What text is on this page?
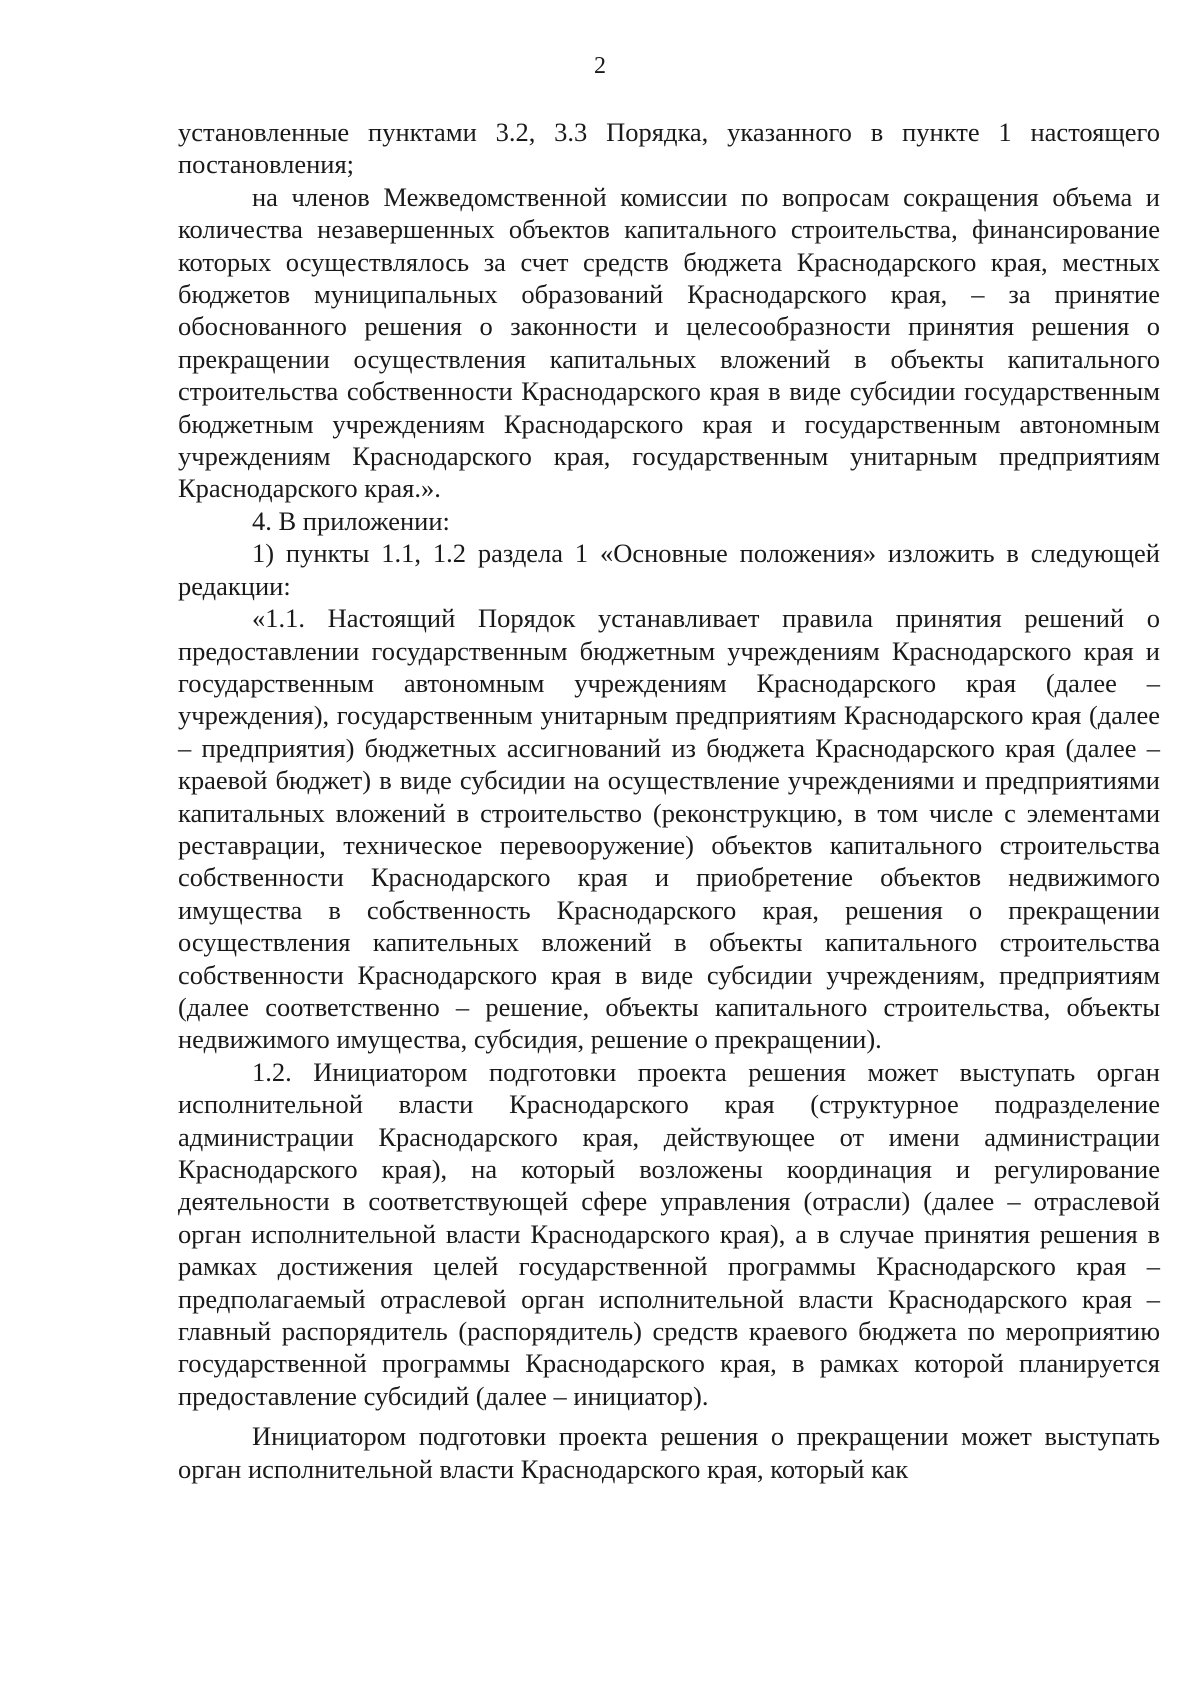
2

установленные пунктами 3.2, 3.3 Порядка, указанного в пункте 1 настоящего постановления;

на членов Межведомственной комиссии по вопросам сокращения объема и количества незавершенных объектов капитального строительства, финансирование которых осуществлялось за счет средств бюджета Краснодарского края, местных бюджетов муниципальных образований Краснодарского края, – за принятие обоснованного решения о законности и целесообразности принятия решения о прекращении осуществления капитальных вложений в объекты капитального строительства собственности Краснодарского края в виде субсидии государственным бюджетным учреждениям Краснодарского края и государственным автономным учреждениям Краснодарского края, государственным унитарным предприятиям Краснодарского края.».

4. В приложении:

1) пункты 1.1, 1.2 раздела 1 «Основные положения» изложить в следующей редакции:

«1.1. Настоящий Порядок устанавливает правила принятия решений о предоставлении государственным бюджетным учреждениям Краснодарского края и государственным автономным учреждениям Краснодарского края (далее – учреждения), государственным унитарным предприятиям Краснодарского края (далее – предприятия) бюджетных ассигнований из бюджета Краснодарского края (далее – краевой бюджет) в виде субсидии на осуществление учреждениями и предприятиями капитальных вложений в строительство (реконструкцию, в том числе с элементами реставрации, техническое перевооружение) объектов капитального строительства собственности Краснодарского края и приобретение объектов недвижимого имущества в собственность Краснодарского края, решения о прекращении осуществления капительных вложений в объекты капитального строительства собственности Краснодарского края в виде субсидии учреждениям, предприятиям (далее соответственно – решение, объекты капитального строительства, объекты недвижимого имущества, субсидия, решение о прекращении).

1.2. Инициатором подготовки проекта решения может выступать орган исполнительной власти Краснодарского края (структурное подразделение администрации Краснодарского края, действующее от имени администрации Краснодарского края), на который возложены координация и регулирование деятельности в соответствующей сфере управления (отрасли) (далее – отраслевой орган исполнительной власти Краснодарского края), а в случае принятия решения в рамках достижения целей государственной программы Краснодарского края – предполагаемый отраслевой орган исполнительной власти Краснодарского края – главный распорядитель (распорядитель) средств краевого бюджета по мероприятию государственной программы Краснодарского края, в рамках которой планируется предоставление субсидий (далее – инициатор).

Инициатором подготовки проекта решения о прекращении может выступать орган исполнительной власти Краснодарского края, который как
